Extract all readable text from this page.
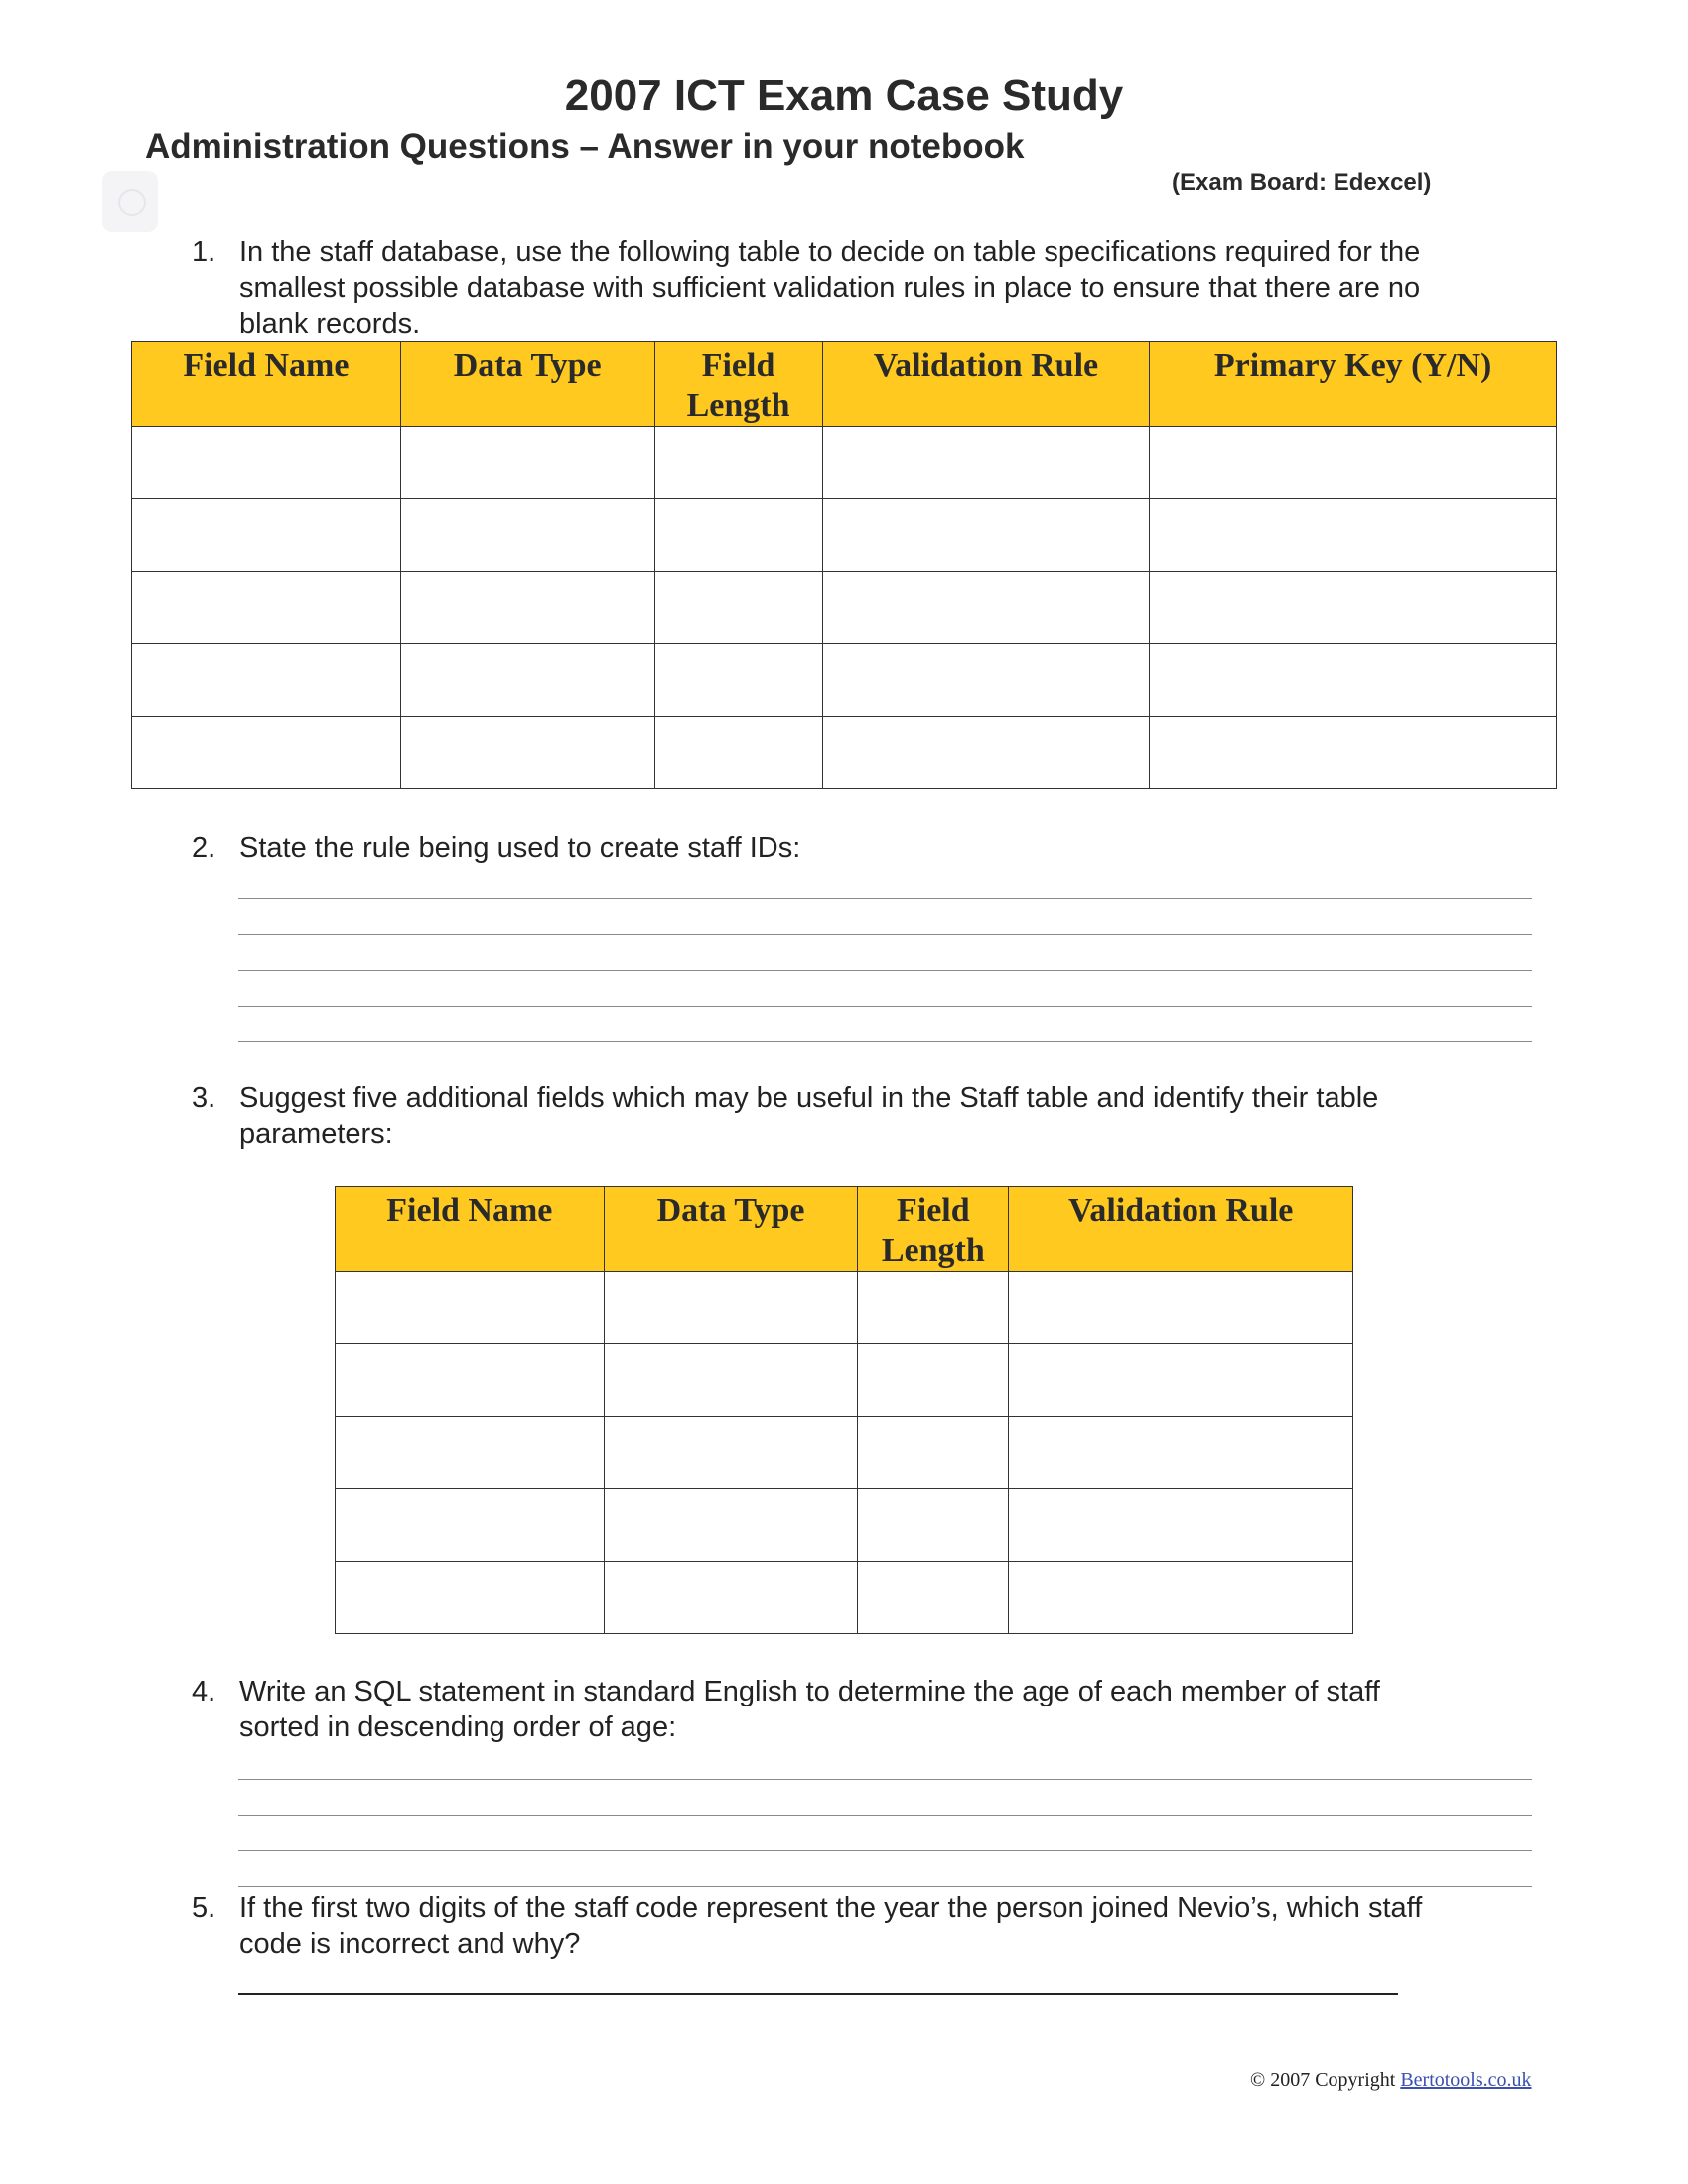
2007 ICT Exam Case Study
Administration Questions – Answer in your notebook
(Exam Board: Edexcel)
1. In the staff database, use the following table to decide on table specifications required for the
smallest possible database with sufficient validation rules in place to ensure that there are no
blank records.
Field Name	Data Type	Field Length	Validation Rule	Primary Key (Y/N)

2. State the rule being used to create staff IDs:
3. Suggest five additional fields which may be useful in the Staff table and identify their table
parameters:
Field Name	Data Type	Field Length	Validation Rule

4. Write an SQL statement in standard English to determine the age of each member of staff
sorted in descending order of age:
5. If the first two digits of the staff code represent the year the person joined Nevio’s, which staff
code is incorrect and why?
© 2007 Copyright Bertotools.co.uk
